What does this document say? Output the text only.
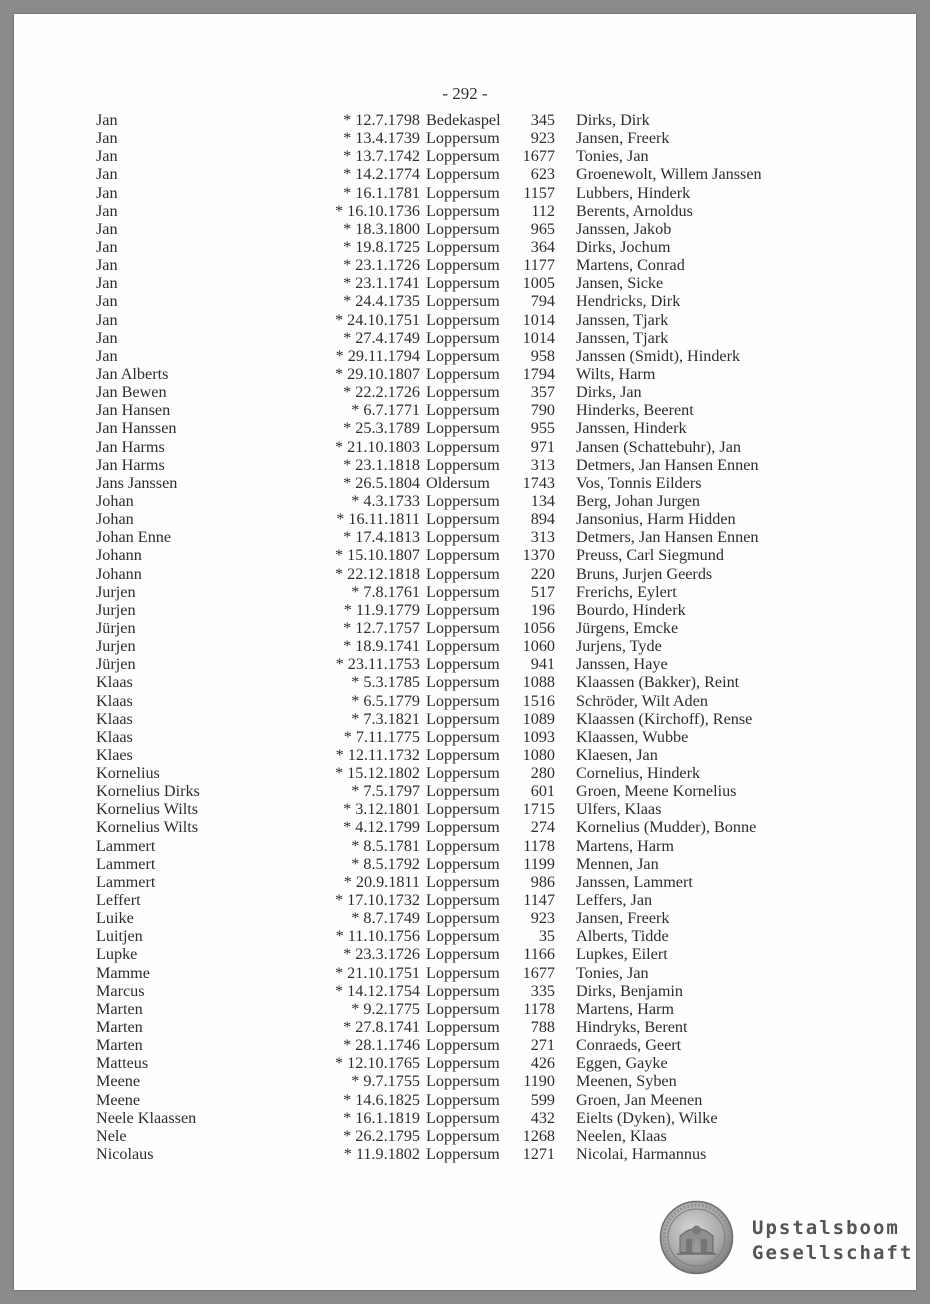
- 292 -
Jan	* 12.7.1798 Bedekaspel 345 Dirks, Dirk
Jan	* 13.4.1739 Loppersum 923 Jansen, Freerk
Jan	* 13.7.1742 Loppersum 1677 Tonies, Jan
Jan	* 14.2.1774 Loppersum 623 Groenewolt, Willem Janssen
Jan	* 16.1.1781 Loppersum 1157 Lubbers, Hinderk
Jan	* 16.10.1736 Loppersum 112 Berents, Arnoldus
Jan	* 18.3.1800 Loppersum 965 Janssen, Jakob
Jan	* 19.8.1725 Loppersum 364 Dirks, Jochum
Jan	* 23.1.1726 Loppersum 1177 Martens, Conrad
Jan	* 23.1.1741 Loppersum 1005 Jansen, Sicke
Jan	* 24.4.1735 Loppersum 794 Hendricks, Dirk
Jan	* 24.10.1751 Loppersum 1014 Janssen, Tjark
Jan	* 27.4.1749 Loppersum 1014 Janssen, Tjark
Jan	* 29.11.1794 Loppersum 958 Janssen (Smidt), Hinderk
Jan Alberts	* 29.10.1807 Loppersum 1794 Wilts, Harm
Jan Bewen	* 22.2.1726 Loppersum 357 Dirks, Jan
Jan Hansen	* 6.7.1771 Loppersum 790 Hinderks, Beerent
Jan Hanssen	* 25.3.1789 Loppersum 955 Janssen, Hinderk
Jan Harms	* 21.10.1803 Loppersum 971 Jansen (Schattebuhr), Jan
Jan Harms	* 23.1.1818 Loppersum 313 Detmers, Jan Hansen Ennen
Jans Janssen	* 26.5.1804 Oldersum 1743 Vos, Tonnis Eilders
Johan	* 4.3.1733 Loppersum 134 Berg, Johan Jurgen
Johan	* 16.11.1811 Loppersum 894 Jansonius, Harm Hidden
Johan Enne	* 17.4.1813 Loppersum 313 Detmers, Jan Hansen Ennen
Johann	* 15.10.1807 Loppersum 1370 Preuss, Carl Siegmund
Johann	* 22.12.1818 Loppersum 220 Bruns, Jurjen Geerds
Jurjen	* 7.8.1761 Loppersum 517 Frerichs, Eylert
Jurjen	* 11.9.1779 Loppersum 196 Bourdo, Hinderk
Jürjen	* 12.7.1757 Loppersum 1056 Jürgens, Emcke
Jurjen	* 18.9.1741 Loppersum 1060 Jurjens, Tyde
Jürjen	* 23.11.1753 Loppersum 941 Janssen, Haye
Klaas	* 5.3.1785 Loppersum 1088 Klaassen (Bakker), Reint
Klaas	* 6.5.1779 Loppersum 1516 Schröder, Wilt Aden
Klaas	* 7.3.1821 Loppersum 1089 Klaassen (Kirchoff), Rense
Klaas	* 7.11.1775 Loppersum 1093 Klaassen, Wubbe
Klaes	* 12.11.1732 Loppersum 1080 Klaesen, Jan
Kornelius	* 15.12.1802 Loppersum 280 Cornelius, Hinderk
Kornelius Dirks	* 7.5.1797 Loppersum 601 Groen, Meene Kornelius
Kornelius Wilts	* 3.12.1801 Loppersum 1715 Ulfers, Klaas
Kornelius Wilts	* 4.12.1799 Loppersum 274 Kornelius (Mudder), Bonne
Lammert	* 8.5.1781 Loppersum 1178 Martens, Harm
Lammert	* 8.5.1792 Loppersum 1199 Mennen, Jan
Lammert	* 20.9.1811 Loppersum 986 Janssen, Lammert
Leffert	* 17.10.1732 Loppersum 1147 Leffers, Jan
Luike	* 8.7.1749 Loppersum 923 Jansen, Freerk
Luitjen	* 11.10.1756 Loppersum 35 Alberts, Tidde
Lupke	* 23.3.1726 Loppersum 1166 Lupkes, Eilert
Mamme	* 21.10.1751 Loppersum 1677 Tonies, Jan
Marcus	* 14.12.1754 Loppersum 335 Dirks, Benjamin
Marten	* 9.2.1775 Loppersum 1178 Martens, Harm
Marten	* 27.8.1741 Loppersum 788 Hindryks, Berent
Marten	* 28.1.1746 Loppersum 271 Conraeds, Geert
Matteus	* 12.10.1765 Loppersum 426 Eggen, Gayke
Meene	* 9.7.1755 Loppersum 1190 Meenen, Syben
Meene	* 14.6.1825 Loppersum 599 Groen, Jan Meenen
Neele Klaassen	* 16.1.1819 Loppersum 432 Eielts (Dyken), Wilke
Nele	* 26.2.1795 Loppersum 1268 Neelen, Klaas
Nicolaus	* 11.9.1802 Loppersum 1271 Nicolai, Harmannus
Upstalsboom
Gesellschaft
